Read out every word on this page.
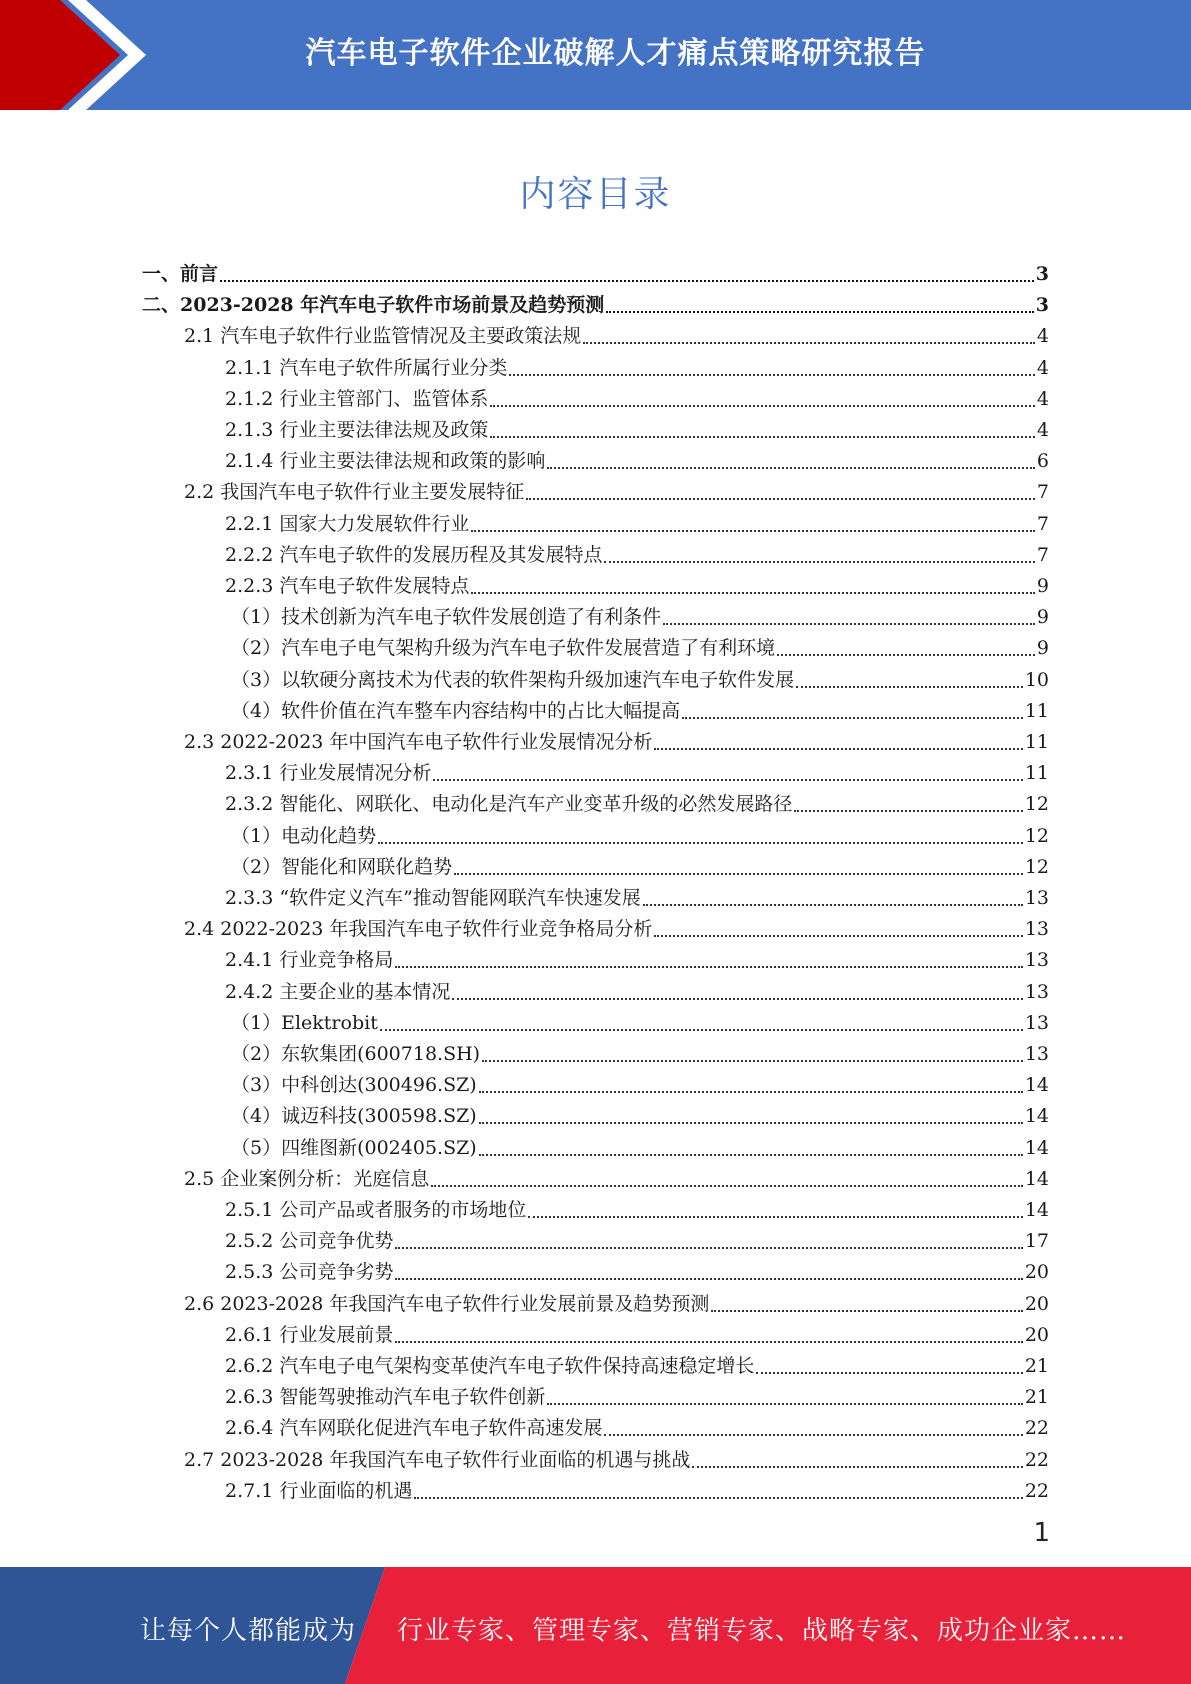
汽车电子软件企业破解人才痛点策略研究报告
内容目录
一、前言	3
二、2023-2028 年汽车电子软件市场前景及趋势预测	3
2.1 汽车电子软件行业监管情况及主要政策法规	4
2.1.1 汽车电子软件所属行业分类	4
2.1.2 行业主管部门、监管体系	4
2.1.3 行业主要法律法规及政策	4
2.1.4 行业主要法律法规和政策的影响	6
2.2 我国汽车电子软件行业主要发展特征	7
2.2.1 国家大力发展软件行业	7
2.2.2 汽车电子软件的发展历程及其发展特点	7
2.2.3 汽车电子软件发展特点	9
（1）技术创新为汽车电子软件发展创造了有利条件	9
（2）汽车电子电气架构升级为汽车电子软件发展营造了有利环境	9
（3）以软硬分离技术为代表的软件架构升级加速汽车电子软件发展	10
（4）软件价值在汽车整车内容结构中的占比大幅提高	11
2.3 2022-2023 年中国汽车电子软件行业发展情况分析	11
2.3.1 行业发展情况分析	11
2.3.2 智能化、网联化、电动化是汽车产业变革升级的必然发展路径	12
（1）电动化趋势	12
（2）智能化和网联化趋势	12
2.3.3 “软件定义汽车”推动智能网联汽车快速发展	13
2.4 2022-2023 年我国汽车电子软件行业竞争格局分析	13
2.4.1 行业竞争格局	13
2.4.2 主要企业的基本情况	13
（1）Elektrobit	13
（2）东软集团(600718.SH)	13
（3）中科创达(300496.SZ)	14
（4）诚迈科技(300598.SZ)	14
（5）四维图新(002405.SZ)	14
2.5 企业案例分析：光庭信息	14
2.5.1 公司产品或者服务的市场地位	14
2.5.2 公司竞争优势	17
2.5.3 公司竞争劣势	20
2.6 2023-2028 年我国汽车电子软件行业发展前景及趋势预测	20
2.6.1 行业发展前景	20
2.6.2 汽车电子电气架构变革使汽车电子软件保持高速稳定增长	21
2.6.3 智能驾驶推动汽车电子软件创新	21
2.6.4 汽车网联化促进汽车电子软件高速发展	22
2.7 2023-2028 年我国汽车电子软件行业面临的机遇与挑战	22
2.7.1 行业面临的机遇	22
1
让每个人都能成为 行业专家、管理专家、营销专家、战略专家、成功企业家……
